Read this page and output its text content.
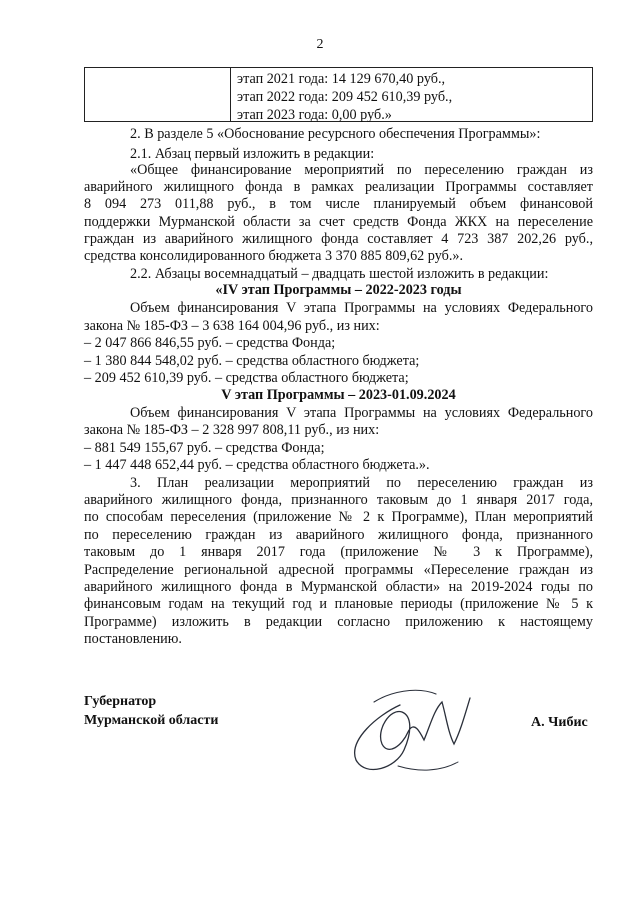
2
этап 2021 года: 14 129 670,40 руб.,
этап 2022 года: 209 452 610,39 руб.,
этап 2023 года: 0,00 руб.»
2. В разделе 5 «Обоснование ресурсного обеспечения Программы»:
2.1. Абзац первый изложить в редакции:
«Общее финансирование мероприятий по переселению граждан из
аварийного жилищного фонда в рамках реализации Программы составляет
8 094 273 011,88 руб., в том числе планируемый объем финансовой
поддержки Мурманской области за счет средств Фонда ЖКХ на переселение
граждан из аварийного жилищного фонда составляет 4 723 387 202,26 руб.,
средства консолидированного бюджета 3 370 885 809,62 руб.».
2.2. Абзацы восемнадцатый – двадцать шестой изложить в редакции:
«IV этап Программы – 2022-2023 годы
Объем финансирования V этапа Программы на условиях Федерального
закона № 185-ФЗ – 3 638 164 004,96 руб., из них:
– 2 047 866 846,55 руб. – средства Фонда;
– 1 380 844 548,02 руб. – средства областного бюджета;
– 209 452 610,39 руб. – средства областного бюджета;
V этап Программы – 2023-01.09.2024
Объем финансирования V этапа Программы на условиях Федерального
закона № 185-ФЗ – 2 328 997 808,11 руб., из них:
– 881 549 155,67 руб. – средства Фонда;
– 1 447 448 652,44 руб. – средства областного бюджета.».
3. План реализации мероприятий по переселению граждан из
аварийного жилищного фонда, признанного таковым до 1 января 2017 года,
по способам переселения (приложение № 2 к Программе), План мероприятий
по переселению граждан из аварийного жилищного фонда, признанного
таковым до 1 января 2017 года (приложение № 3 к Программе),
Распределение региональной адресной программы «Переселение граждан из
аварийного жилищного фонда в Мурманской области» на 2019-2024 годы по
финансовым годам на текущий год и плановые периоды (приложение № 5 к
Программе) изложить в редакции согласно приложению к настоящему
постановлению.
Губернатор
Мурманской области	А. Чибис
